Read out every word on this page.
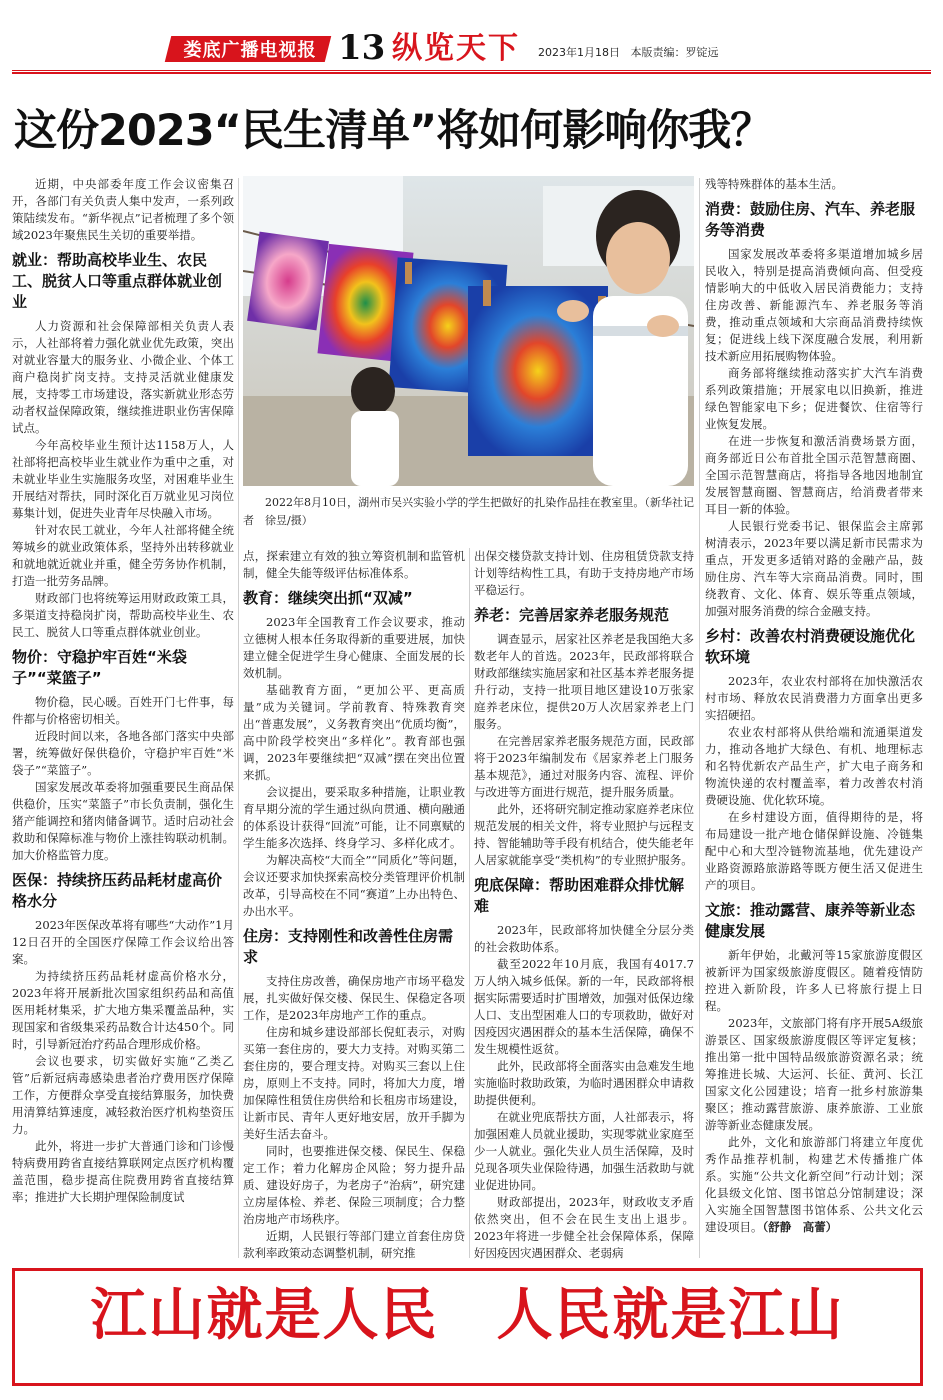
娄底广播电视报 13 纵览天下 2023年1月18日 本版责编：罗锭远
这份2023“民生清单”将如何影响你我？

近期，中央部委年度工作会议密集召开，各部门有关负责人集中发声，一系列政策陆续发布。“新华视点”记者梳理了多个领域2023年聚焦民生关切的重要举措。

就业：帮助高校毕业生、农民工、脱贫人口等重点群体就业创业

人力资源和社会保障部相关负责人表示，人社部将着力强化就业优先政策，突出对就业容量大的服务业、小微企业、个体工商户稳岗扩岗支持。支持灵活就业健康发展，支持零工市场建设，落实新就业形态劳动者权益保障政策，继续推进职业伤害保障试点。

今年高校毕业生预计达1158万人，人社部将把高校毕业生就业作为重中之重，对未就业毕业生实施服务攻坚，对困难毕业生开展结对帮扶，同时深化百万就业见习岗位募集计划，促进失业青年尽快融入市场。

针对农民工就业，今年人社部将健全统筹城乡的就业政策体系，坚持外出转移就业和就地就近就业并重，健全劳务协作机制，打造一批劳务品牌。

财政部门也将统筹运用财政政策工具，多渠道支持稳岗扩岗，帮助高校毕业生、农民工、脱贫人口等重点群体就业创业。

物价：守稳护牢百姓“米袋子”“菜篮子”

物价稳，民心暖。百姓开门七件事，每件都与价格密切相关。

近段时间以来，各地各部门落实中央部署，统筹做好保供稳价，守稳护牢百姓“米袋子”“菜篮子”。

国家发展改革委将加强重要民生商品保供稳价，压实“菜篮子”市长负责制，强化生猪产能调控和猪肉储备调节。适时启动社会救助和保障标准与物价上涨挂钩联动机制。加大价格监管力度。

医保：持续挤压药品耗材虚高价格水分

2023年医保改革将有哪些“大动作”1月12日召开的全国医疗保障工作会议给出答案。

为持续挤压药品耗材虚高价格水分，2023年将开展新批次国家组织药品和高值医用耗材集采，扩大地方集采覆盖品种，实现国家和省级集采药品数合计达450个。同时，引导新冠治疗药品合理形成价格。

会议也要求，切实做好实施“乙类乙管”后新冠病毒感染患者治疗费用医疗保障工作，方便群众享受直接结算服务，加快费用清算结算速度，减轻救治医疗机构垫资压力。

此外，将进一步扩大普通门诊和门诊慢特病费用跨省直接结算联网定点医疗机构覆盖范围，稳步提高住院费用跨省直接结算率；推进扩大长期护理保险制度试

2022年8月10日，湖州市吴兴实验小学的学生把做好的扎染作品挂在教室里。（新华社记者　徐昱/摄）

点，探索建立有效的独立筹资机制和监管机制，健全失能等级评估标准体系。

教育：继续突出抓“双减”

2023年全国教育工作会议要求，推动立德树人根本任务取得新的重要进展，加快建立健全促进学生身心健康、全面发展的长效机制。

基础教育方面，“更加公平、更高质量”成为关键词。学前教育、特殊教育突出“普惠发展”，义务教育突出“优质均衡”，高中阶段学校突出“多样化”。教育部也强调，2023年要继续把“双减”摆在突出位置来抓。

会议提出，要采取多种措施，让职业教育早期分流的学生通过纵向贯通、横向融通的体系设计获得“回流”可能，让不同禀赋的学生能多次选择、终身学习、多样化成才。

为解决高校“大而全”“同质化”等问题，会议还要求加快探索高校分类管理评价机制改革，引导高校在不同“赛道”上办出特色、办出水平。

住房：支持刚性和改善性住房需求

支持住房改善，确保房地产市场平稳发展，扎实做好保交楼、保民生、保稳定各项工作，是2023年房地产工作的重点。

住房和城乡建设部部长倪虹表示，对购买第一套住房的，要大力支持。对购买第二套住房的，要合理支持。对购买三套以上住房，原则上不支持。同时，将加大力度，增加保障性租赁住房供给和长租房市场建设，让新市民、青年人更好地安居，放开手脚为美好生活去奋斗。

同时，也要推进保交楼、保民生、保稳定工作；着力化解房企风险；努力提升品质、建设好房子，为老房子“治病”，研究建立房屋体检、养老、保险三项制度；合力整治房地产市场秩序。

近期，人民银行等部门建立首套住房贷款利率政策动态调整机制，研究推

出保交楼贷款支持计划、住房租赁贷款支持计划等结构性工具，有助于支持房地产市场平稳运行。

养老：完善居家养老服务规范

调查显示，居家社区养老是我国绝大多数老年人的首选。2023年，民政部将联合财政部继续实施居家和社区基本养老服务提升行动，支持一批项目地区建设10万张家庭养老床位，提供20万人次居家养老上门服务。

在完善居家养老服务规范方面，民政部将于2023年编制发布《居家养老上门服务基本规范》，通过对服务内容、流程、评价与改进等方面进行规范，提升服务质量。

此外，还将研究制定推动家庭养老床位规范发展的相关文件，将专业照护与远程支持、智能辅助等手段有机结合，使失能老年人居家就能享受“类机构”的专业照护服务。

兜底保障：帮助困难群众排忧解难

2023年，民政部将加快健全分层分类的社会救助体系。

截至2022年10月底，我国有4017.7万人纳入城乡低保。新的一年，民政部将根据实际需要适时扩围增效，加强对低保边缘人口、支出型困难人口的专项救助，做好对因疫因灾遇困群众的基本生活保障，确保不发生规模性返贫。

此外，民政部将全面落实由急难发生地实施临时救助政策，为临时遇困群众申请救助提供便利。

在就业兜底帮扶方面，人社部表示，将加强困难人员就业援助，实现零就业家庭至少一人就业。强化失业人员生活保障，及时兑现各项失业保险待遇，加强生活救助与就业促进协同。

财政部提出，2023年，财政收支矛盾依然突出，但不会在民生支出上退步。2023年将进一步健全社会保障体系，保障好因疫因灾遇困群众、老弱病

残等特殊群体的基本生活。

消费：鼓励住房、汽车、养老服务等消费

国家发展改革委将多渠道增加城乡居民收入，特别是提高消费倾向高、但受疫情影响大的中低收入居民消费能力；支持住房改善、新能源汽车、养老服务等消费，推动重点领域和大宗商品消费持续恢复；促进线上线下深度融合发展，利用新技术新应用拓展购物体验。

商务部将继续推动落实扩大汽车消费系列政策措施；开展家电以旧换新，推进绿色智能家电下乡；促进餐饮、住宿等行业恢复发展。

在进一步恢复和激活消费场景方面，商务部近日公布首批全国示范智慧商圈、全国示范智慧商店，将指导各地因地制宜发展智慧商圈、智慧商店，给消费者带来耳目一新的体验。

人民银行党委书记、银保监会主席郭树清表示，2023年要以满足新市民需求为重点，开发更多适销对路的金融产品，鼓励住房、汽车等大宗商品消费。同时，围绕教育、文化、体育、娱乐等重点领域，加强对服务消费的综合金融支持。

乡村：改善农村消费硬设施优化软环境

2023年，农业农村部将在加快激活农村市场、释放农民消费潜力方面拿出更多实招硬招。

农业农村部将从供给端和流通渠道发力，推动各地扩大绿色、有机、地理标志和名特优新农产品生产，扩大电子商务和物流快递的农村覆盖率，着力改善农村消费硬设施、优化软环境。

在乡村建设方面，值得期待的是，将布局建设一批产地仓储保鲜设施、冷链集配中心和大型冷链物流基地，优先建设产业路资源路旅游路等既方便生活又促进生产的项目。

文旅：推动露营、康养等新业态健康发展

新年伊始，北戴河等15家旅游度假区被新评为国家级旅游度假区。随着疫情防控进入新阶段，许多人已将旅行提上日程。

2023年，文旅部门将有序开展5A级旅游景区、国家级旅游度假区等评定复核；推出第一批中国特品级旅游资源名录；统筹推进长城、大运河、长征、黄河、长江国家文化公园建设；培育一批乡村旅游集聚区；推动露营旅游、康养旅游、工业旅游等新业态健康发展。

此外，文化和旅游部门将建立年度优秀作品推荐机制，构建艺术传播推广体系。实施“公共文化新空间”行动计划；深化县级文化馆、图书馆总分馆制建设；深入实施全国智慧图书馆体系、公共文化云建设项目。（舒静　高蕾）

江山就是人民　人民就是江山
